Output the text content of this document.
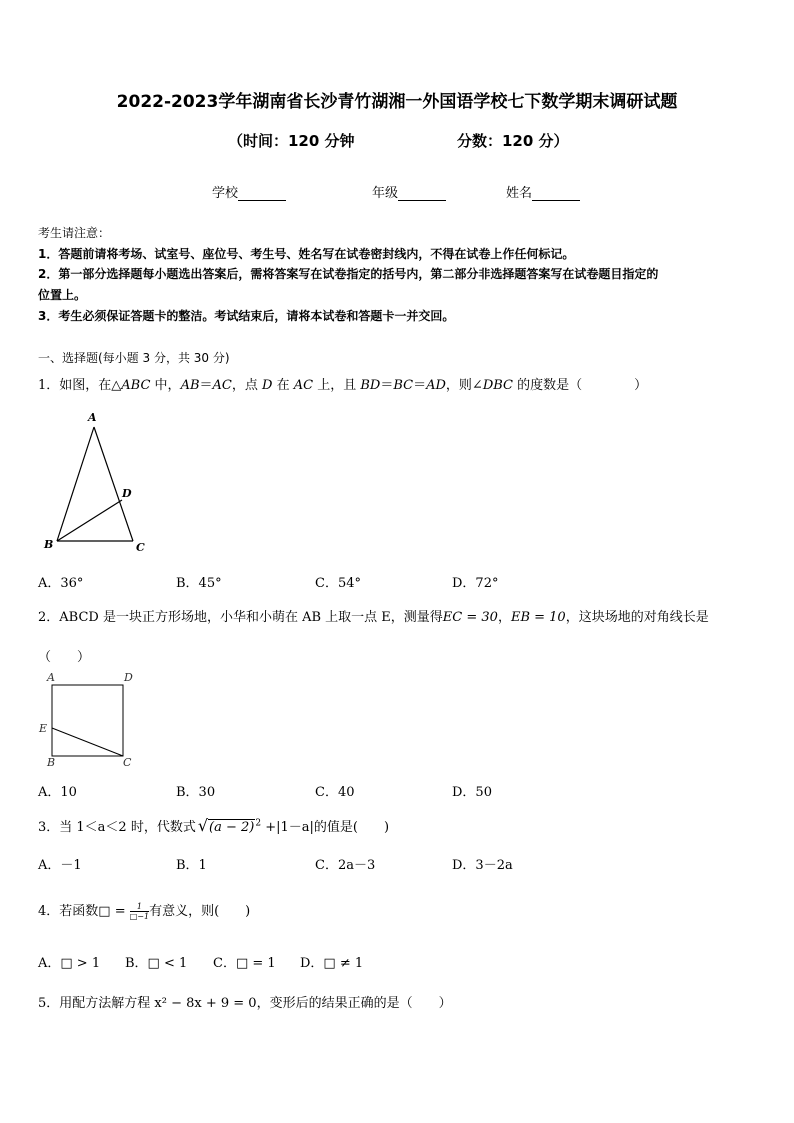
2022-2023学年湖南省长沙青竹湖湘一外国语学校七下数学期末调研试题
（时间：120 分钟	分数：120 分）
学校	年级	姓名
考生请注意：
1．答题前请将考场、试室号、座位号、考生号、姓名写在试卷密封线内，不得在试卷上作任何标记。
2．第一部分选择题每小题选出答案后，需将答案写在试卷指定的括号内，第二部分非选择题答案写在试卷题目指定的
位置上。
3．考生必须保证答题卡的整洁。考试结束后，请将本试卷和答题卡一并交回。
一、选择题(每小题 3 分，共 30 分)
1．如图，在△ABC 中，AB＝AC，点 D 在 AC 上，且 BD＝BC＝AD，则∠DBC 的度数是（　　　　）
A
B	C
D
A．36°	B．45°	C．54°	D．72°
2．ABCD 是一块正方形场地，小华和小萌在 AB 上取一点 E，测量得EC = 30，EB = 10，这块场地的对角线长是
（　　）
A	D
E
B	C
A．10	B．30	C．40	D．50
3．当 1＜a＜2 时，代数式 $√(a - 2)^2 +|1-a|$的值是(　　)
A．－1	B．1	C．2a－3	D．3－2a
4．若函数□ = $\frac{1}{□-1}$ 有意义，则(　　)
A．□ > 1 B．□ < 1 C．□ = 1 D．□ ≠ 1
5．用配方法解方程 x² − 8x + 9 = 0，变形后的结果正确的是（　　）
